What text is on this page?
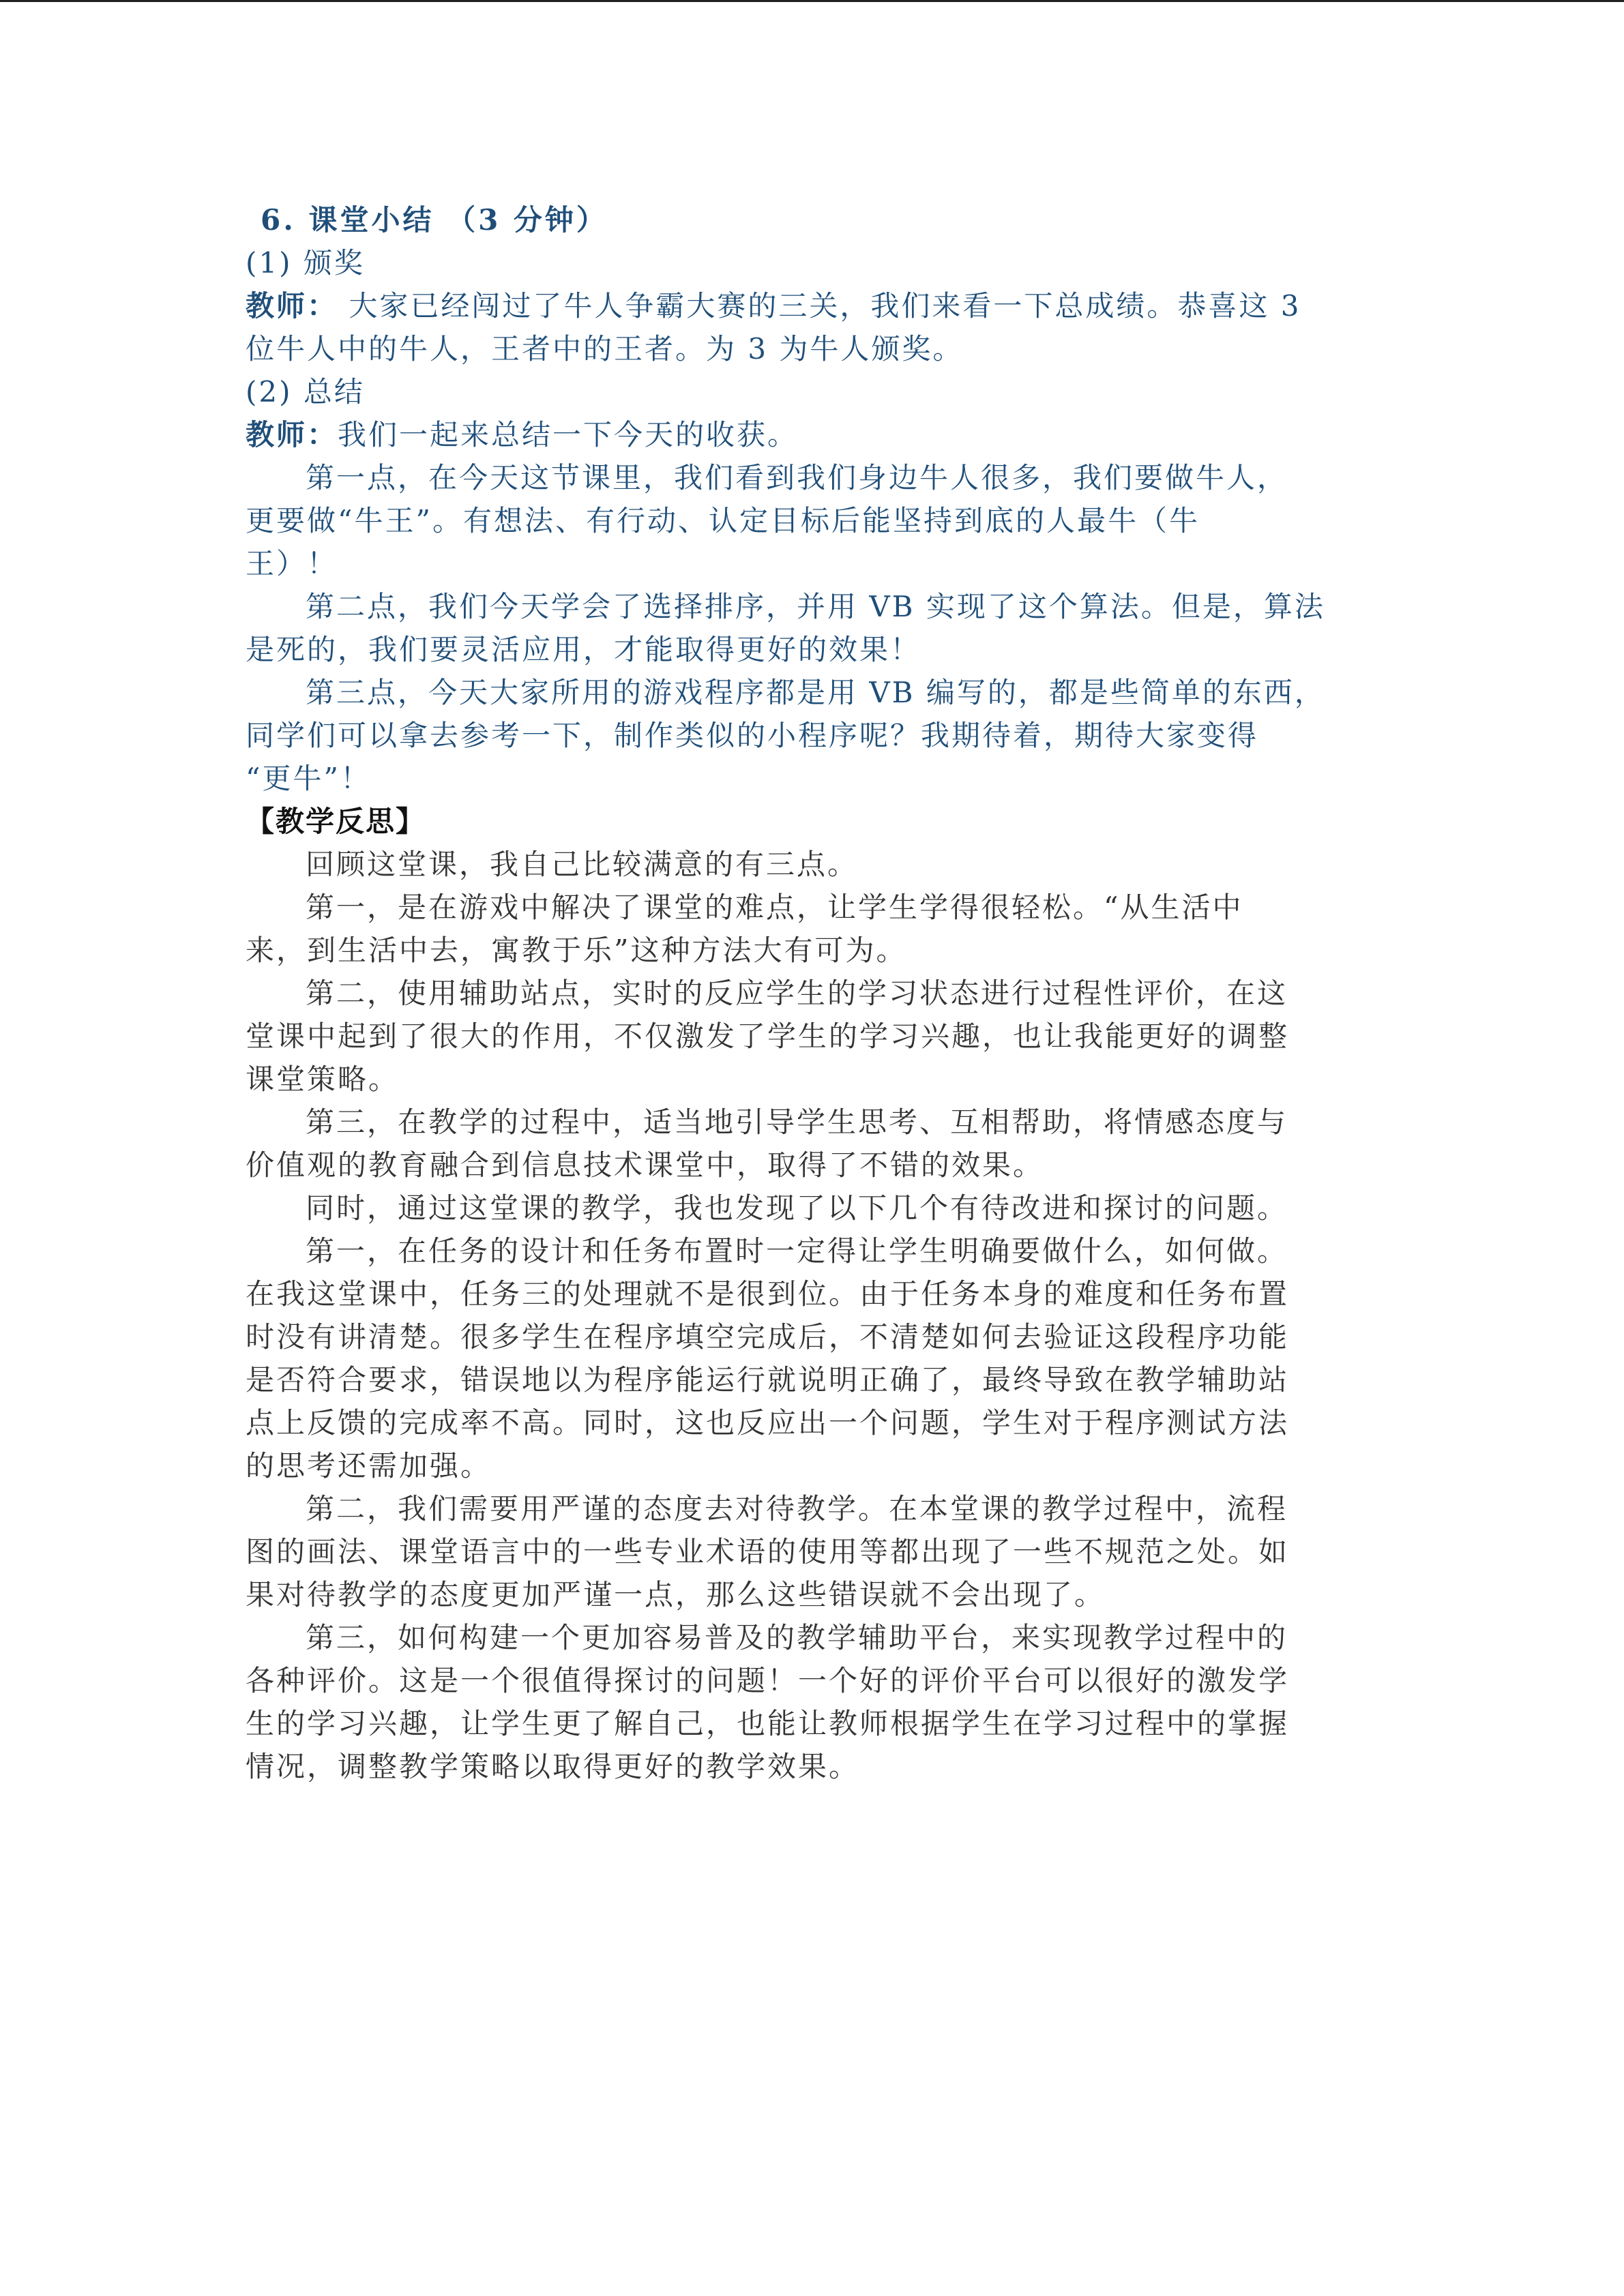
6. 课堂小结 （3 分钟）

(1) 颁奖

教师： 大家已经闯过了牛人争霸大赛的三关，我们来看一下总成绩。恭喜这 3

位牛人中的牛人，王者中的王者。为 3 为牛人颁奖。

(2) 总结

教师：我们一起来总结一下今天的收获。

第一点，在今天这节课里，我们看到我们身边牛人很多，我们要做牛人，

更要做“牛王”。有想法、有行动、认定目标后能坚持到底的人最牛（牛

王）！

第二点，我们今天学会了选择排序，并用 VB 实现了这个算法。但是，算法

是死的，我们要灵活应用，才能取得更好的效果！

第三点，今天大家所用的游戏程序都是用 VB 编写的，都是些简单的东西，

同学们可以拿去参考一下，制作类似的小程序呢？我期待着，期待大家变得

“更牛”！

【教学反思】

回顾这堂课，我自己比较满意的有三点。

第一，是在游戏中解决了课堂的难点，让学生学得很轻松。“从生活中

来，到生活中去，寓教于乐”这种方法大有可为。

第二，使用辅助站点，实时的反应学生的学习状态进行过程性评价，在这

堂课中起到了很大的作用，不仅激发了学生的学习兴趣，也让我能更好的调整

课堂策略。

第三，在教学的过程中，适当地引导学生思考、互相帮助，将情感态度与

价值观的教育融合到信息技术课堂中，取得了不错的效果。

同时，通过这堂课的教学，我也发现了以下几个有待改进和探讨的问题。

第一，在任务的设计和任务布置时一定得让学生明确要做什么，如何做。

在我这堂课中，任务三的处理就不是很到位。由于任务本身的难度和任务布置

时没有讲清楚。很多学生在程序填空完成后，不清楚如何去验证这段程序功能

是否符合要求，错误地以为程序能运行就说明正确了，最终导致在教学辅助站

点上反馈的完成率不高。同时，这也反应出一个问题，学生对于程序测试方法

的思考还需加强。

第二，我们需要用严谨的态度去对待教学。在本堂课的教学过程中，流程

图的画法、课堂语言中的一些专业术语的使用等都出现了一些不规范之处。如

果对待教学的态度更加严谨一点，那么这些错误就不会出现了。

第三，如何构建一个更加容易普及的教学辅助平台，来实现教学过程中的

各种评价。这是一个很值得探讨的问题！一个好的评价平台可以很好的激发学

生的学习兴趣，让学生更了解自己，也能让教师根据学生在学习过程中的掌握

情况，调整教学策略以取得更好的教学效果。
